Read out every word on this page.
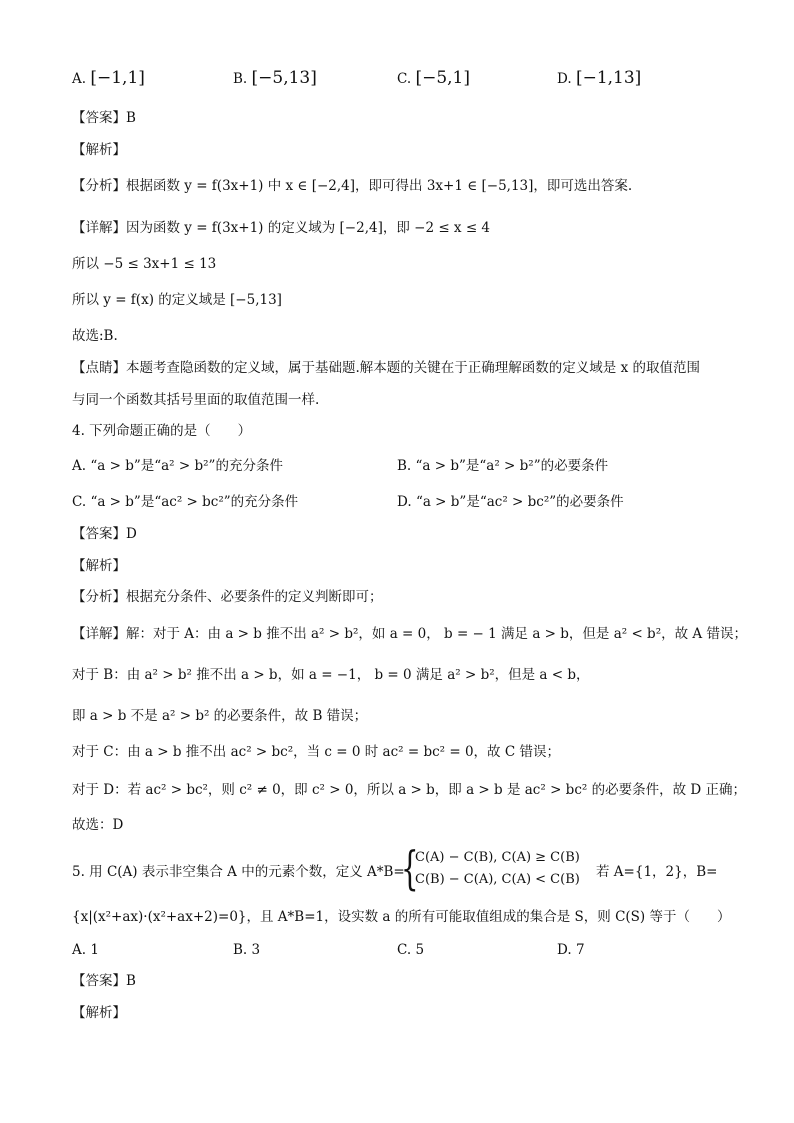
A. [−1,1]	B. [−5,13]	C. [−5,1]	D. [−1,13]
【答案】B
【解析】
【分析】根据函数 y = f(3x+1) 中 x ∈ [−2,4]，即可得出 3x+1 ∈ [−5,13]，即可选出答案.
【详解】因为函数 y = f(3x+1) 的定义域为 [−2,4]，即 −2 ≤ x ≤ 4
所以 −5 ≤ 3x+1 ≤ 13
所以 y = f(x) 的定义域是 [−5,13]
故选:B.
【点睛】本题考查隐函数的定义域，属于基础题.解本题的关键在于正确理解函数的定义域是 x 的取值范围
与同一个函数其括号里面的取值范围一样.
4. 下列命题正确的是（　　）
A. “a > b”是“a² > b²”的充分条件	B. “a > b”是“a² > b²”的必要条件
C. “a > b”是“ac² > bc²”的充分条件	D. “a > b”是“ac² > bc²”的必要条件
【答案】D
【解析】
【分析】根据充分条件、必要条件的定义判断即可；
【详解】解：对于 A：由 a > b 推不出 a² > b²，如 a = 0， b = − 1 满足 a > b，但是 a² < b²，故 A 错误；
对于 B：由 a² > b² 推不出 a > b，如 a = −1， b = 0 满足 a² > b²，但是 a < b，
即 a > b 不是 a² > b² 的必要条件，故 B 错误；
对于 C：由 a > b 推不出 ac² > bc²，当 c = 0 时 ac² = bc² = 0，故 C 错误；
对于 D：若 ac² > bc²，则 c² ≠ 0，即 c² > 0，所以 a > b，即 a > b 是 ac² > bc² 的必要条件，故 D 正确；
故选：D
5. 用 C(A) 表示非空集合 A 中的元素个数，定义 A*B=
{
C(A) − C(B), C(A) ≥ C(B)
C(B) − C(A), C(A) < C(B) 若 A={1，2}，B=
{x|(x²+ax)·(x²+ax+2)=0}，且 A*B=1，设实数 a 的所有可能取值组成的集合是 S，则 C(S) 等于（　　）
A. 1	B. 3	C. 5	D. 7
【答案】B
【解析】
